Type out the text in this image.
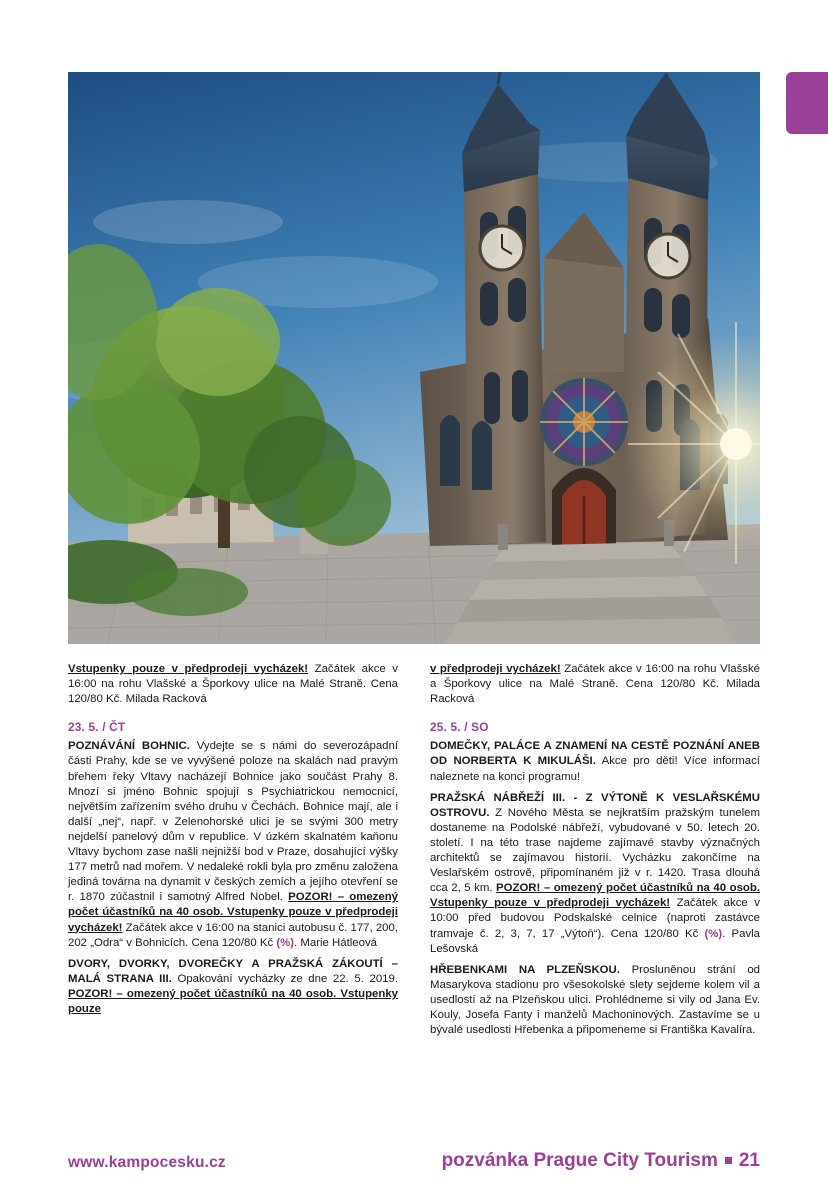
Vstupenky pouze v předprodeji vycházek! Začátek akce v 16:00 na rohu Vlašské a Šporkovy ulice na Malé Straně. Cena 120/80 Kč. Milada Racková

23. 5. / ČT

POZNÁVÁNÍ BOHNIC. Vydejte se s námi do severozápadní části Prahy, kde se ve vyvýšené poloze na skalách nad pravým břehem řeky Vltavy nacházejí Bohnice jako součást Prahy 8. Mnozí si jméno Bohnic spojují s Psychiatrickou nemocnicí, největším zařízením svého druhu v Čechách. Bohnice mají, ale i další „nej“, např. v Zelenohorské ulici je se svými 300 metry nejdelší panelový dům v republice. V úzkém skalnatém kaňonu Vltavy bychom zase našli nejnižší bod v Praze, dosahující výšky 177 metrů nad mořem. V nedaleké rokli byla pro změnu založena jediná továrna na dynamit v českých zemích a jejího otevření se r. 1870 zúčastnil i samotný Alfred Nobel. POZOR! – omezený počet účastníků na 40 osob. Vstupenky pouze v předprodeji vycházek! Začátek akce v 16:00 na stanici autobusu č. 177, 200, 202 „Odra“ v Bohnicích. Cena 120/80 Kč (%). Marie Hátleová

DVORY, DVORKY, DVOREČKY A PRAŽSKÁ ZÁKOUTÍ – MALÁ STRANA III. Opakování vycházky ze dne 22. 5. 2019. POZOR! – omezený počet účastníků na 40 osob. Vstupenky pouze

v předprodeji vycházek! Začátek akce v 16:00 na rohu Vlašské a Šporkovy ulice na Malé Straně. Cena 120/80 Kč. Milada Racková

25. 5. / SO

DOMEČKY, PALÁCE A ZNAMENÍ NA CESTĚ POZNÁNÍ ANEB OD NORBERTA K MIKULÁŠI. Akce pro děti! Více informací naleznete na konci programu!

PRAŽSKÁ NÁBŘEŽÍ III. - Z VÝTONĚ K VESLAŘSKÉMU OSTROVU. Z Nového Města se nejkratším pražským tunelem dostaneme na Podolské nábřeží, vybudované v 50. letech 20. století. I na této trase najdeme zajímavé stavby význačných architektů se zajímavou historií. Vycházku zakončíme na Veslařském ostrově, připomínaném již v r. 1420. Trasa dlouhá cca 2, 5 km. POZOR! – omezený počet účastníků na 40 osob. Vstupenky pouze v předprodeji vycházek! Začátek akce v 10:00 před budovou Podskalské celnice (naproti zastávce tramvaje č. 2, 3, 7, 17 „Výtoň“). Cena 120/80 Kč (%). Pavla Lešovská

HŘEBENKAMI NA PLZEŇSKOU. Prosluněnou strání od Masarykova stadionu pro všesokolské slety sejdeme kolem vil a usedlostí až na Plzeňskou ulici. Prohlédneme si vily od Jana Ev. Kouly, Josefa Fanty i manželů Machoninových. Zastavíme se u bývalé usedlosti Hřebenka a připomeneme si Františka Kavalíra.

www.kampocesku.cz	pozvánka Prague City Tourism 21
